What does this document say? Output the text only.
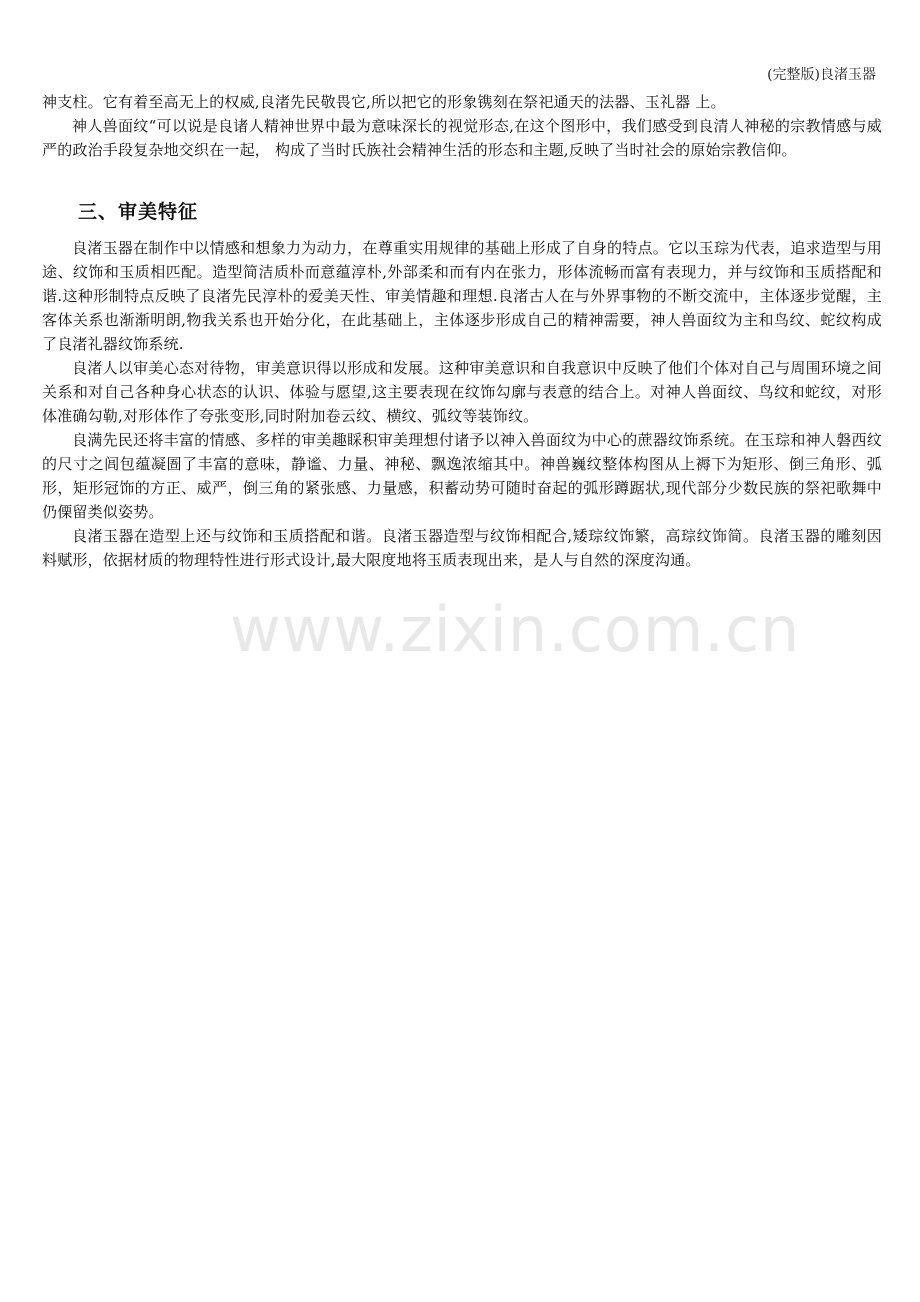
(完整版)良渚玉器

神支柱。它有着至高无上的权威,良渚先民敬畏它,所以把它的形象镌刻在祭祀通天的法器、玉礼器 上。

神人兽面纹“可以说是良诸人精神世界中最为意味深长的视觉形态,在这个图形中，我们感受到良清人神秘的宗教情感与威严的政治手段复杂地交织在一起， 构成了当时氏族社会精神生活的形态和主题,反映了当时社会的原始宗教信仰。

三、审美特征

良渚玉器在制作中以情感和想象力为动力，在尊重实用规律的基础上形成了自身的特点。它以玉琮为代表，追求造型与用途、纹饰和玉质相匹配。造型简洁质朴而意蕴淳朴,外部柔和而有内在张力，形体流畅而富有表现力，并与纹饰和玉质搭配和谐.这种形制特点反映了良渚先民淳朴的爱美天性、审美情趣和理想.良渚古人在与外界事物的不断交流中，主体逐步觉醒，主客体关系也渐渐明朗,物我关系也开始分化，在此基础上，主体逐步形成自己的精神需要，神人兽面纹为主和鸟纹、蛇纹构成了良渚礼器纹饰系统.

良渚人以审美心态对待物，审美意识得以形成和发展。这种审美意识和自我意识中反映了他们个体对自己与周围环境之间关系和对自己各种身心状态的认识、体验与愿望,这主要表现在纹饰勾廓与表意的结合上。对神人兽面纹、鸟纹和蛇纹，对形体准确勾勒,对形体作了夸张变形,同时附加卷云纹、横纹、弧纹等装饰纹。

良满先民还将丰富的情感、多样的审美趣睬积审美理想付诸予以神入兽面纹为中心的蔗器纹饰系统。在玉琮和神人磐西纹的尺寸之闾包蕴凝圄了丰富的意味，静谧、力量、神秘、飘逸浓缩其中。神兽巍纹整体构图从上褥下为矩形、倒三角形、弧形，矩形冠饰的方正、威严，倒三角的紧张感、力量感，积蓄动势可随时奋起的弧形蹲踞状,现代部分少数民族的祭祀歌舞中仍傈留类似姿势。

良渚玉器在造型上还与纹饰和玉质搭配和谐。良渚玉器造型与纹饰相配合,矮琮纹饰繁，高琮纹饰简。良渚玉器的雕刻因料赋形，依据材质的物理特性进行形式设计,最大限度地将玉质表现出来，是人与自然的深度沟通。

www.zixin.com.cn
